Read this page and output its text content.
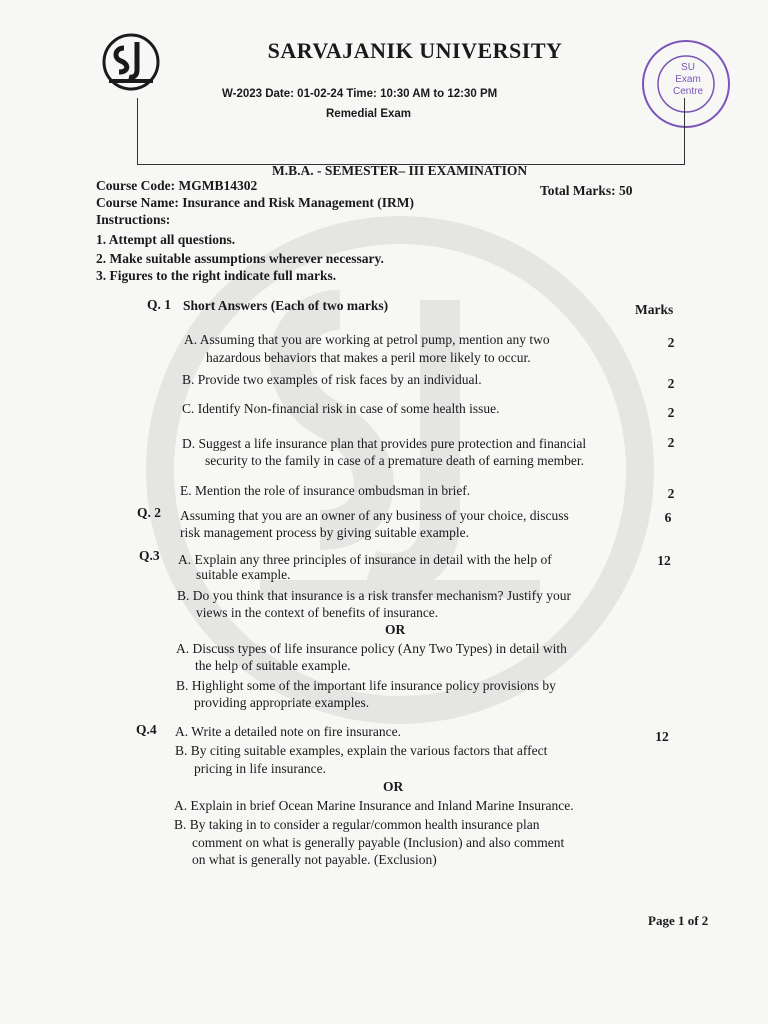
SARVAJANIK UNIVERSITY
SU
Exam
Centre
W-2023 Date: 01-02-24 Time: 10:30 AM to 12:30 PM
Remedial Exam
M.B.A. - SEMESTER– III EXAMINATION
Course Code: MGMB14302	Total Marks: 50
Course Name: Insurance and Risk Management (IRM)
Instructions:
1. Attempt all questions.
2. Make suitable assumptions wherever necessary.
3. Figures to the right indicate full marks.
Q. 1 Short Answers (Each of two marks)	Marks
A. Assuming that you are working at petrol pump, mention any two
hazardous behaviors that makes a peril more likely to occur.
2
B. Provide two examples of risk faces by an individual.	2
C. Identify Non-financial risk in case of some health issue.	2
D. Suggest a life insurance plan that provides pure protection and financial
security to the family in case of a premature death of earning member.
2
E. Mention the role of insurance ombudsman in brief.	2
Q. 2 Assuming that you are an owner of any business of your choice, discuss
risk management process by giving suitable example.
6
Q.3	12
A. Explain any three principles of insurance in detail with the help of
suitable example.
B. Do you think that insurance is a risk transfer mechanism? Justify your
views in the context of benefits of insurance.
OR
A. Discuss types of life insurance policy (Any Two Types) in detail with
the help of suitable example.
B. Highlight some of the important life insurance policy provisions by
providing appropriate examples.
Q.4	12
A. Write a detailed note on fire insurance.
B. By citing suitable examples, explain the various factors that affect
pricing in life insurance.
OR
A. Explain in brief Ocean Marine Insurance and Inland Marine Insurance.
B. By taking in to consider a regular/common health insurance plan
comment on what is generally payable (Inclusion) and also comment
on what is generally not payable. (Exclusion)
Page 1 of 2
